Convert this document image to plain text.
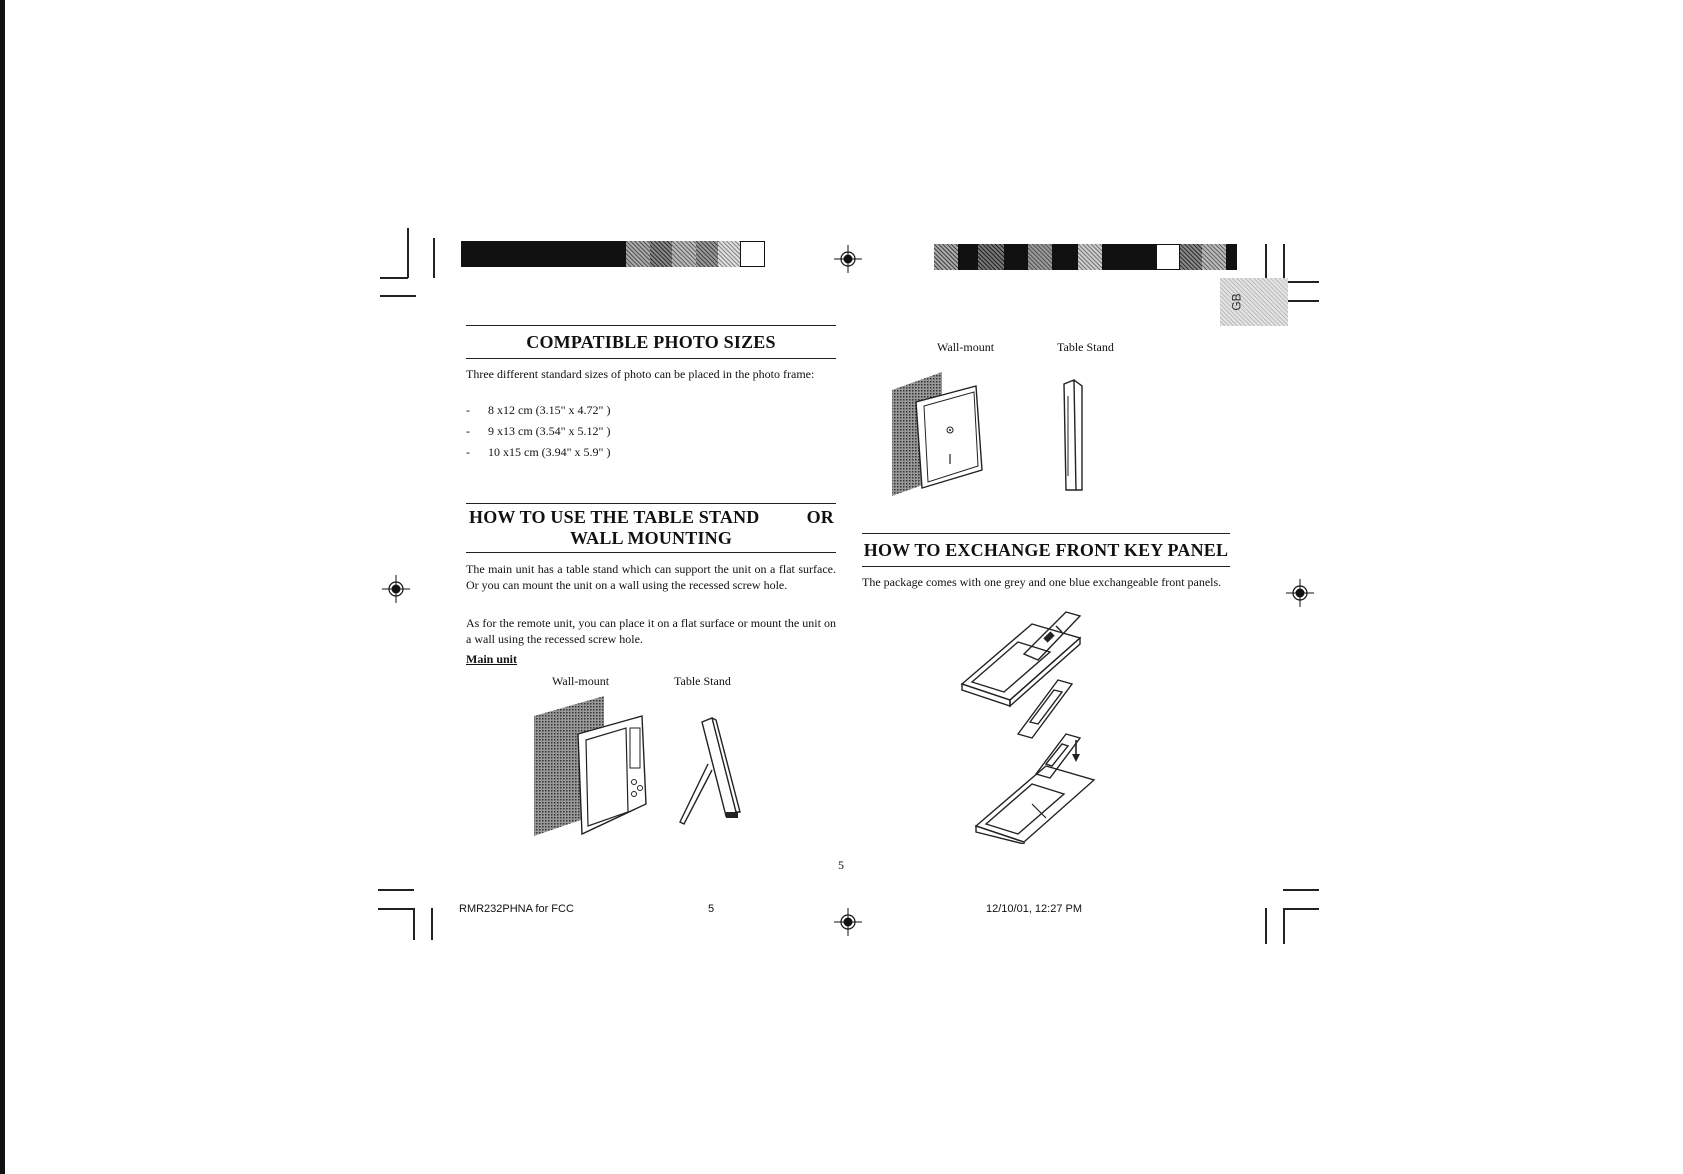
GB
COMPATIBLE PHOTO SIZES
Three different standard sizes of photo can be placed in the photo frame:
- 8 x12 cm (3.15" x 4.72" )
- 9 x13 cm (3.54" x 5.12" )
- 10 x15 cm (3.94" x 5.9" )
HOW TO USE THE TABLE STAND	OR
WALL MOUNTING
The main unit has a table stand which can support the unit on a flat surface. Or you can mount the unit on a wall using the recessed screw hole.
As for the remote unit, you can place it on a flat surface or mount the unit on a wall using the recessed screw hole.
Main unit
Wall-mount	Table Stand
Wall-mount	Table Stand
HOW TO EXCHANGE FRONT KEY PANEL
The package comes with one grey and one blue exchangeable front panels.
5
RMR232PHNA for FCC	5	12/10/01, 12:27 PM
